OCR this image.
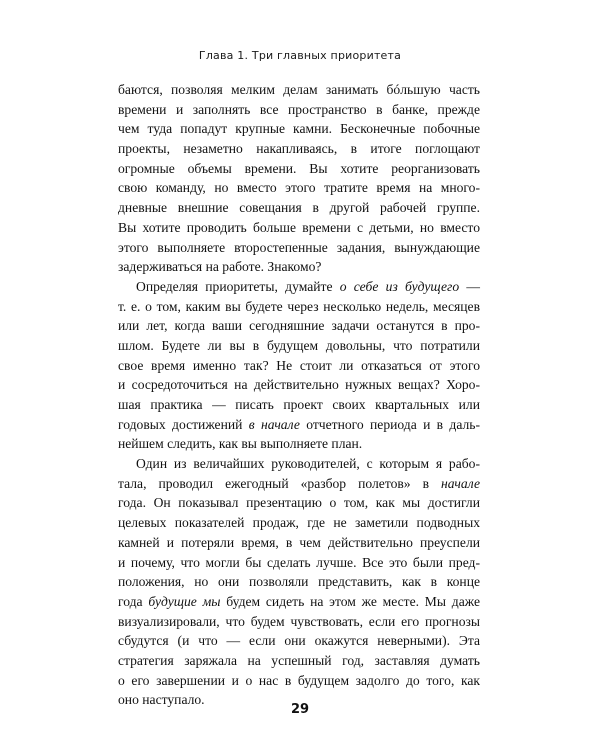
Глава 1. Три главных приоритета
баются, позволяя мелким делам занимать бóльшую часть
времени и заполнять все пространство в банке, прежде
чем туда попадут крупные камни. Бесконечные побочные
проекты, незаметно накапливаясь, в итоге поглощают
огромные объемы времени. Вы хотите реорганизовать
свою команду, но вместо этого тратите время на много-
дневные внешние совещания в другой рабочей группе.
Вы хотите проводить больше времени с детьми, но вместо
этого выполняете второстепенные задания, вынуждающие
задерживаться на работе. Знакомо?
Определяя приоритеты, думайте о себе из будущего —
т. е. о том, каким вы будете через несколько недель, месяцев
или лет, когда ваши сегодняшние задачи останутся в про-
шлом. Будете ли вы в будущем довольны, что потратили
свое время именно так? Не стоит ли отказаться от этого
и сосредоточиться на действительно нужных вещах? Хоро-
шая практика — писать проект своих квартальных или
годовых достижений в начале отчетного периода и в даль-
нейшем следить, как вы выполняете план.
Один из величайших руководителей, с которым я рабо-
тала, проводил ежегодный «разбор полетов» в начале
года. Он показывал презентацию о том, как мы достигли
целевых показателей продаж, где не заметили подводных
камней и потеряли время, в чем действительно преуспели
и почему, что могли бы сделать лучше. Все это были пред-
положения, но они позволяли представить, как в конце
года будущие мы будем сидеть на этом же месте. Мы даже
визуализировали, что будем чувствовать, если его прогнозы
сбудутся (и что — если они окажутся неверными). Эта
стратегия заряжала на успешный год, заставляя думать
о его завершении и о нас в будущем задолго до того, как
оно наступало.
29
